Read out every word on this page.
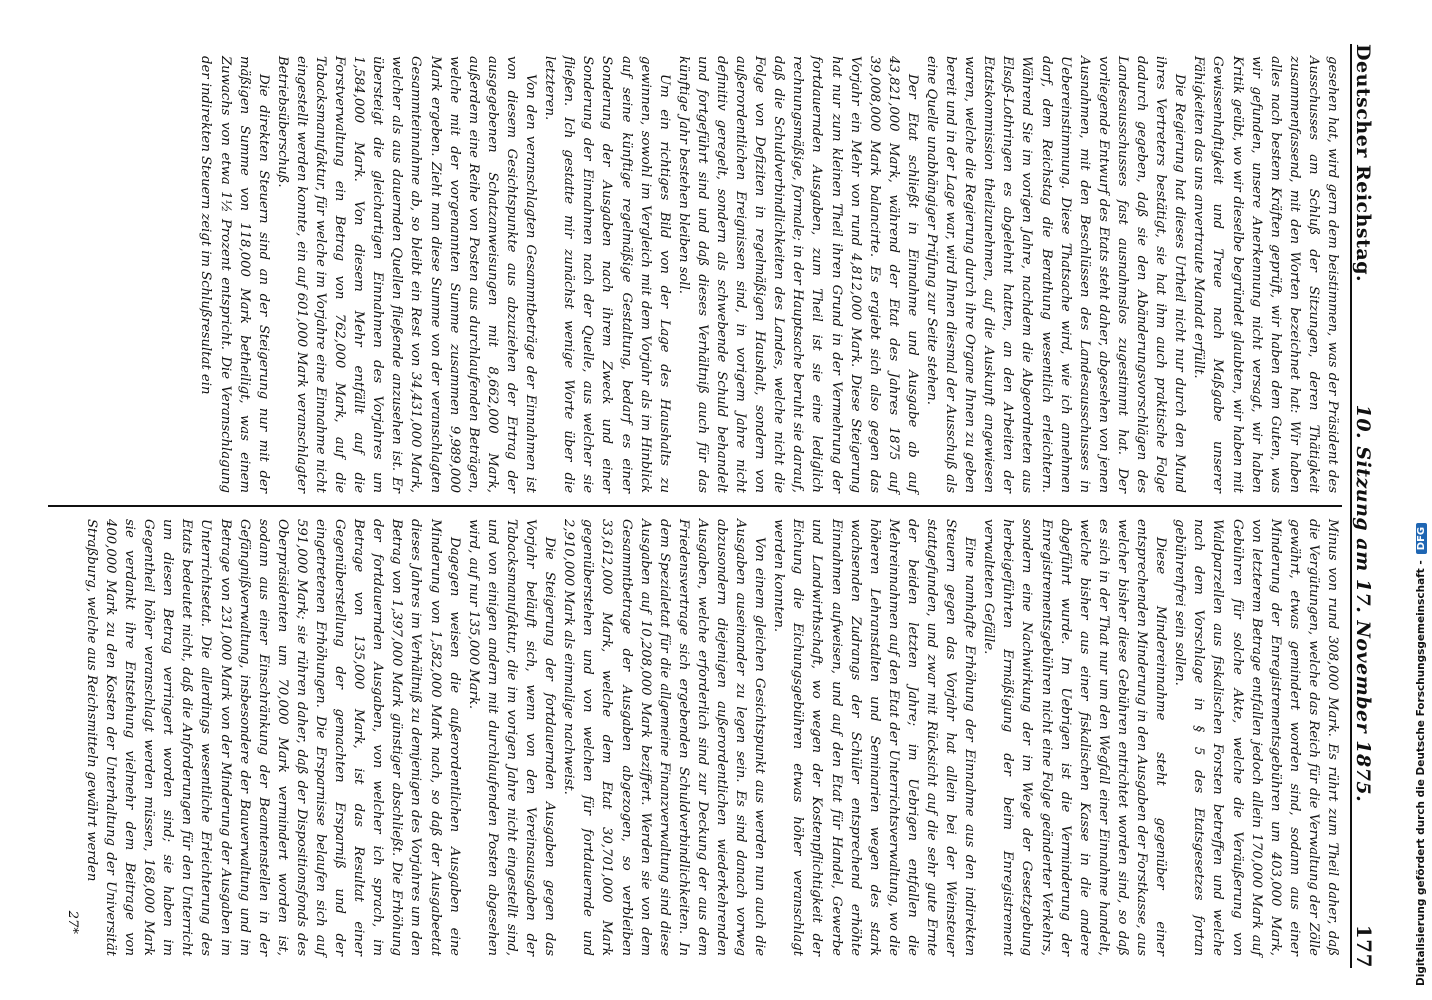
Deutscher Reichstag.
10. Sitzung am 17. November 1875.
177

gesehen hat, wird gern dem beistimmen, was der Präsident des Ausschusses am Schluß der Sitzungen, deren Thätigkeit zusammenfassend, mit den Worten bezeichnet hat: Wir haben alles nach bestem Kräften geprüft, wir haben dem Guten, was wir gefunden, unsere Anerkennung nicht versagt, wir haben Kritik geübt, wo wir dieselbe begründet glaubten, wir haben mit Gewissenhaftigkeit und Treue nach Maßgabe unserer Fähigkeiten das uns anvertraute Mandat erfüllt.

Die Regierung hat dieses Urtheil nicht nur durch den Mund ihres Vertreters bestätigt, sie hat ihm auch praktische Folge dadurch gegeben, daß sie den Abänderungsvorschlägen des Landesausschusses fast ausnahmslos zugestimmt hat. Der vorliegende Entwurf des Etats steht daher, abgesehen von jenen Ausnahmen, mit den Beschlüssen des Landesausschusses in Uebereinstimmung. Diese Thatsache wird, wie ich annehmen darf, dem Reichstag die Berathung wesentlich erleichtern. Während Sie im vorigen Jahre, nachdem die Abgeordneten aus Elsaß-Lothringen es abgelehnt hatten, an den Arbeiten der Etatskommission theilzunehmen, auf die Auskunft angewiesen waren, welche die Regierung durch ihre Organe Ihnen zu geben bereit und in der Lage war, wird Ihnen diesmal der Ausschuß als eine Quelle unabhängiger Prüfung zur Seite stehen.

Der Etat schließt in Einnahme und Ausgabe ab auf 43,821,000 Mark, während der Etat des Jahres 1875 auf 39,008,000 Mark balancirte. Es ergiebt sich also gegen das Vorjahr ein Mehr von rund 4,812,000 Mark. Diese Steigerung hat nur zum kleinen Theil ihren Grund in der Vermehrung der fortdauernden Ausgaben, zum Theil ist sie eine lediglich rechnungsmäßige, formale; in der Hauptsache beruht sie darauf, daß die Schuldverbindlichkeiten des Landes, welche nicht die Folge von Defiziten in regelmäßigen Haushalt, sondern von außerordentlichen Ereignissen sind, in vorigem Jahre nicht definitiv geregelt, sondern als schwebende Schuld behandelt und fortgeführt sind und daß dieses Verhältniß auch für das künftige Jahr bestehen bleiben soll.

Um ein richtiges Bild von der Lage des Haushalts zu gewinnen, sowohl im Vergleich mit dem Vorjahr als im Hinblick auf seine künftige regelmäßige Gestaltung, bedarf es einer Sonderung der Ausgaben nach ihrem Zweck und einer Sonderung der Einnahmen nach der Quelle, aus welcher sie fließen. Ich gestatte mir zunächst wenige Worte über die letzteren.

Von den veranschlagten Gesammtbeträge der Einnahmen ist von diesem Gesichtspunkte aus abzuziehen der Ertrag der ausgegebenen Schatzanweisungen mit 8,662,000 Mark, außerdem eine Reihe von Posten aus durchlaufenden Beträgen, welche mit der vorgenannten Summe zusammen 9,989,000 Mark ergeben. Zieht man diese Summe von der veranschlagten Gesammteinnahme ab, so bleibt ein Rest von 34,431,000 Mark, welcher als aus dauernden Quellen fließende anzusehen ist. Er übersteigt die gleichartigen Einnahmen des Vorjahres um 1,584,000 Mark. Von diesem Mehr entfällt auf die Forstverwaltung ein Betrag von 762,000 Mark, auf die Tabacksmanufaktur, für welche im Vorjahre eine Einnahme nicht eingestellt werden konnte, ein auf 601,000 Mark veranschlagter Betriebsüberschuß.

Die direkten Steuern sind an der Steigerung nur mit der mäßigen Summe von 118,000 Mark betheiligt, was einem Zuwachs von etwa 1½ Prozent entspricht. Die Veranschlagung der indirekten Steuern zeigt im Schlußresultat ein

Minus von rund 308,000 Mark. Es rührt zum Theil daher, daß die Vergütungen, welche das Reich für die Verwaltung der Zölle gewährt, etwas gemindert worden sind, sodann aus einer Minderung der Enregistrementsgebühren um 403,000 Mark, von letzterem Betrage entfallen jedoch allein 170,000 Mark auf Gebühren für solche Akte, welche die Veräußerung von Waldparzellen aus fiskalischen Forsten betreffen und welche nach dem Vorschlage in § 5 des Etatsgesetzes fortan gebührenfrei sein sollen.

Diese Mindereinnahme steht gegenüber einer entsprechenden Minderung in den Ausgaben der Forstkasse, aus welcher bisher diese Gebühren entrichtet worden sind, so daß es sich in der That nur um den Wegfall einer Einnahme handelt, welche bisher aus einer fiskalischen Kasse in die andere abgeführt wurde. Im Uebrigen ist die Verminderung der Enregistrementsgebühren nicht eine Folge geänderter Verkehrs, sondern eine Nachwirkung der im Wege der Gesetzgebung herbeigeführten Ermäßigung der beim Enregistrement verwalteten Gefälle.

Eine namhafte Erhöhung der Einnahme aus den indirekten Steuern gegen das Vorjahr hat allein bei der Weinsteuer stattgefunden, und zwar mit Rücksicht auf die sehr gute Ernte der beiden letzten Jahre; im Uebrigen entfallen die Mehreinnahmen auf den Etat der Unterrichtsverwaltung, wo die höheren Lehranstalten und Seminarien wegen des stark wachsenden Zudrangs der Schüler entsprechend erhöhte Einnahmen aufweisen, und auf den Etat für Handel, Gewerbe und Landwirthschaft, wo wegen der Kostenpflichtigkeit der Eichung die Eichungsgebühren etwas höher veranschlagt werden konnten.

Von einem gleichen Gesichtspunkt aus werden nun auch die Ausgaben auseinander zu legen sein. Es sind danach vorweg abzusondern diejenigen außerordentlichen wiederkehrenden Ausgaben, welche erforderlich sind zur Deckung der aus dem Friedensvertrage sich ergebenden Schuldverbindlichkeiten. In dem Spezialetat für die allgemeine Finanzverwaltung sind diese Ausgaben auf 10,208,000 Mark beziffert. Werden sie von dem Gesammtbetrage der Ausgaben abgezogen, so verbleiben 33,612,000 Mark, welche dem Etat 30,701,000 Mark gegenüberstehen und von welchen für fortdauernde und 2,910,000 Mark als einmalige nachweist.

Die Steigerung der fortdauernden Ausgaben gegen das Vorjahr beläuft sich, wenn von den Vereinsausgaben der Tabacksmanufaktur, die im vorigen Jahre nicht eingestellt sind, und von einigen andern mit durchlaufenden Posten abgesehen wird, auf nur 135,000 Mark.

Dagegen weisen die außerordentlichen Ausgaben eine Minderung von 1,582,000 Mark nach, so daß der Ausgabeetat dieses Jahres im Verhältniß zu demjenigen des Vorjahres um den Betrag von 1,397,000 Mark günstiger abschließt. Die Erhöhung der fortdauernden Ausgaben, von welcher ich sprach, im Betrage von 135,000 Mark, ist das Resultat einer Gegenüberstellung der gemachten Ersparniß und der eingetretenen Erhöhungen. Die Ersparnisse belaufen sich auf 591,000 Mark; sie rühren daher, daß der Dispositionsfonds des Oberpräsidenten um 70,000 Mark vermindert worden ist, sodann aus einer Einschränkung der Beamtenstellen in der Gefängnißverwaltung, insbesondere der Bauverwaltung und im Betrage von 231,000 Mark von der Minderung der Ausgaben im Unterrichtsetat. Die allerdings wesentliche Erleichterung des Etats bedeutet nicht, daß die Anforderungen für den Unterricht um diesen Betrag verringert worden sind; sie haben im Gegentheil höher veranschlagt werden müssen, 168,000 Mark sie verdankt ihre Entstehung vielmehr dem Beitrage von 400,000 Mark zu den Kosten der Unterhaltung der Universität Straßburg, welche aus Reichsmitteln gewährt werden

27*	Digitalisierung gefördert durch die Deutsche Forschungsgemeinschaft -
DFG
